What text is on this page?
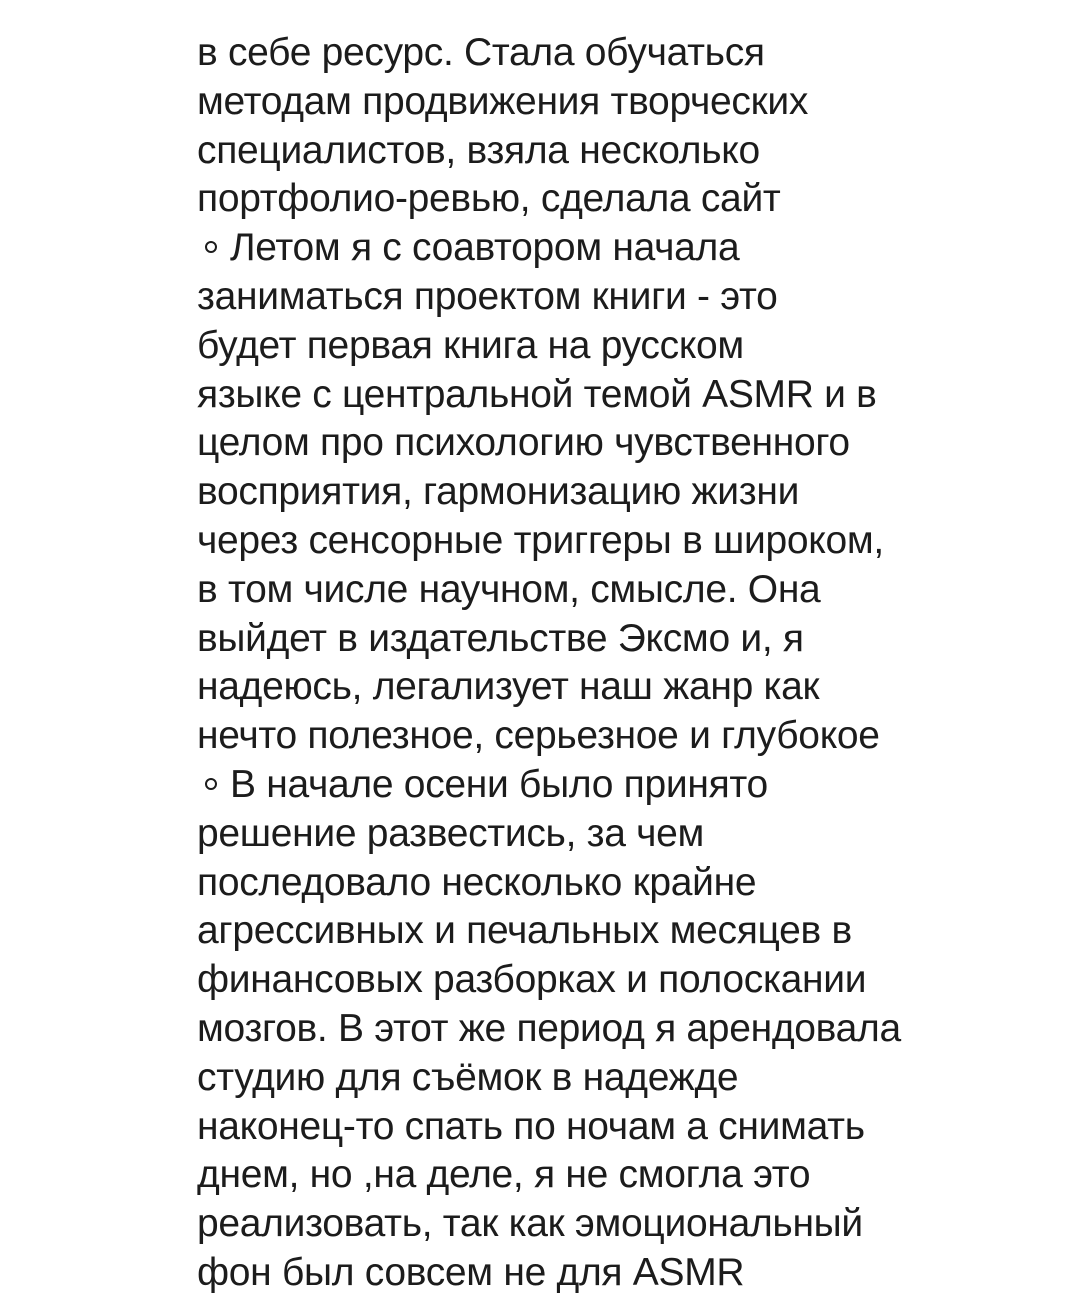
в себе ресурс. Стала обучаться
методам продвижения творческих
специалистов, взяла несколько
портфолио-ревью, сделала сайт
Летом я с соавтором начала
заниматься проектом книги - это
будет первая книга на русском
языке с центральной темой ASMR и в
целом про психологию чувственного
восприятия, гармонизацию жизни
через сенсорные триггеры в широком,
в том числе научном, смысле. Она
выйдет в издательстве Эксмо и, я
надеюсь, легализует наш жанр как
нечто полезное, серьезное и глубокое
В начале осени было принято
решение развестись, за чем
последовало несколько крайне
агрессивных и печальных месяцев в
финансовых разборках и полоскании
мозгов. В этот же период я арендовала
студию для съёмок в надежде
наконец-то спать по ночам а снимать
днем, но ,на деле, я не смогла это
реализовать, так как эмоциональный
фон был совсем не для ASMR
